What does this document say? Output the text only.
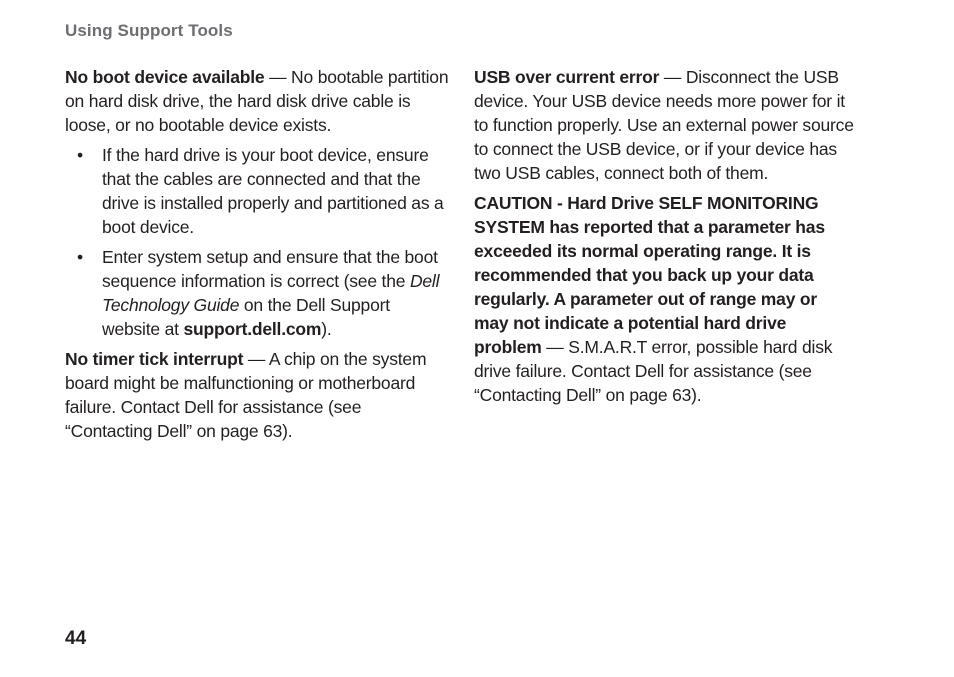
Using Support Tools

No boot device available — No bootable partition on hard disk drive, the hard disk drive cable is loose, or no bootable device exists.

• If the hard drive is your boot device, ensure that the cables are connected and that the drive is installed properly and partitioned as a boot device.
• Enter system setup and ensure that the boot sequence information is correct (see the Dell Technology Guide on the Dell Support website at support.dell.com).

No timer tick interrupt — A chip on the system board might be malfunctioning or motherboard failure. Contact Dell for assistance (see “Contacting Dell” on page 63).

USB over current error — Disconnect the USB device. Your USB device needs more power for it to function properly. Use an external power source to connect the USB device, or if your device has two USB cables, connect both of them.

CAUTION - Hard Drive SELF MONITORING SYSTEM has reported that a parameter has exceeded its normal operating range. It is recommended that you back up your data regularly. A parameter out of range may or may not indicate a potential hard drive problem — S.M.A.R.T error, possible hard disk drive failure. Contact Dell for assistance (see “Contacting Dell” on page 63).

44
